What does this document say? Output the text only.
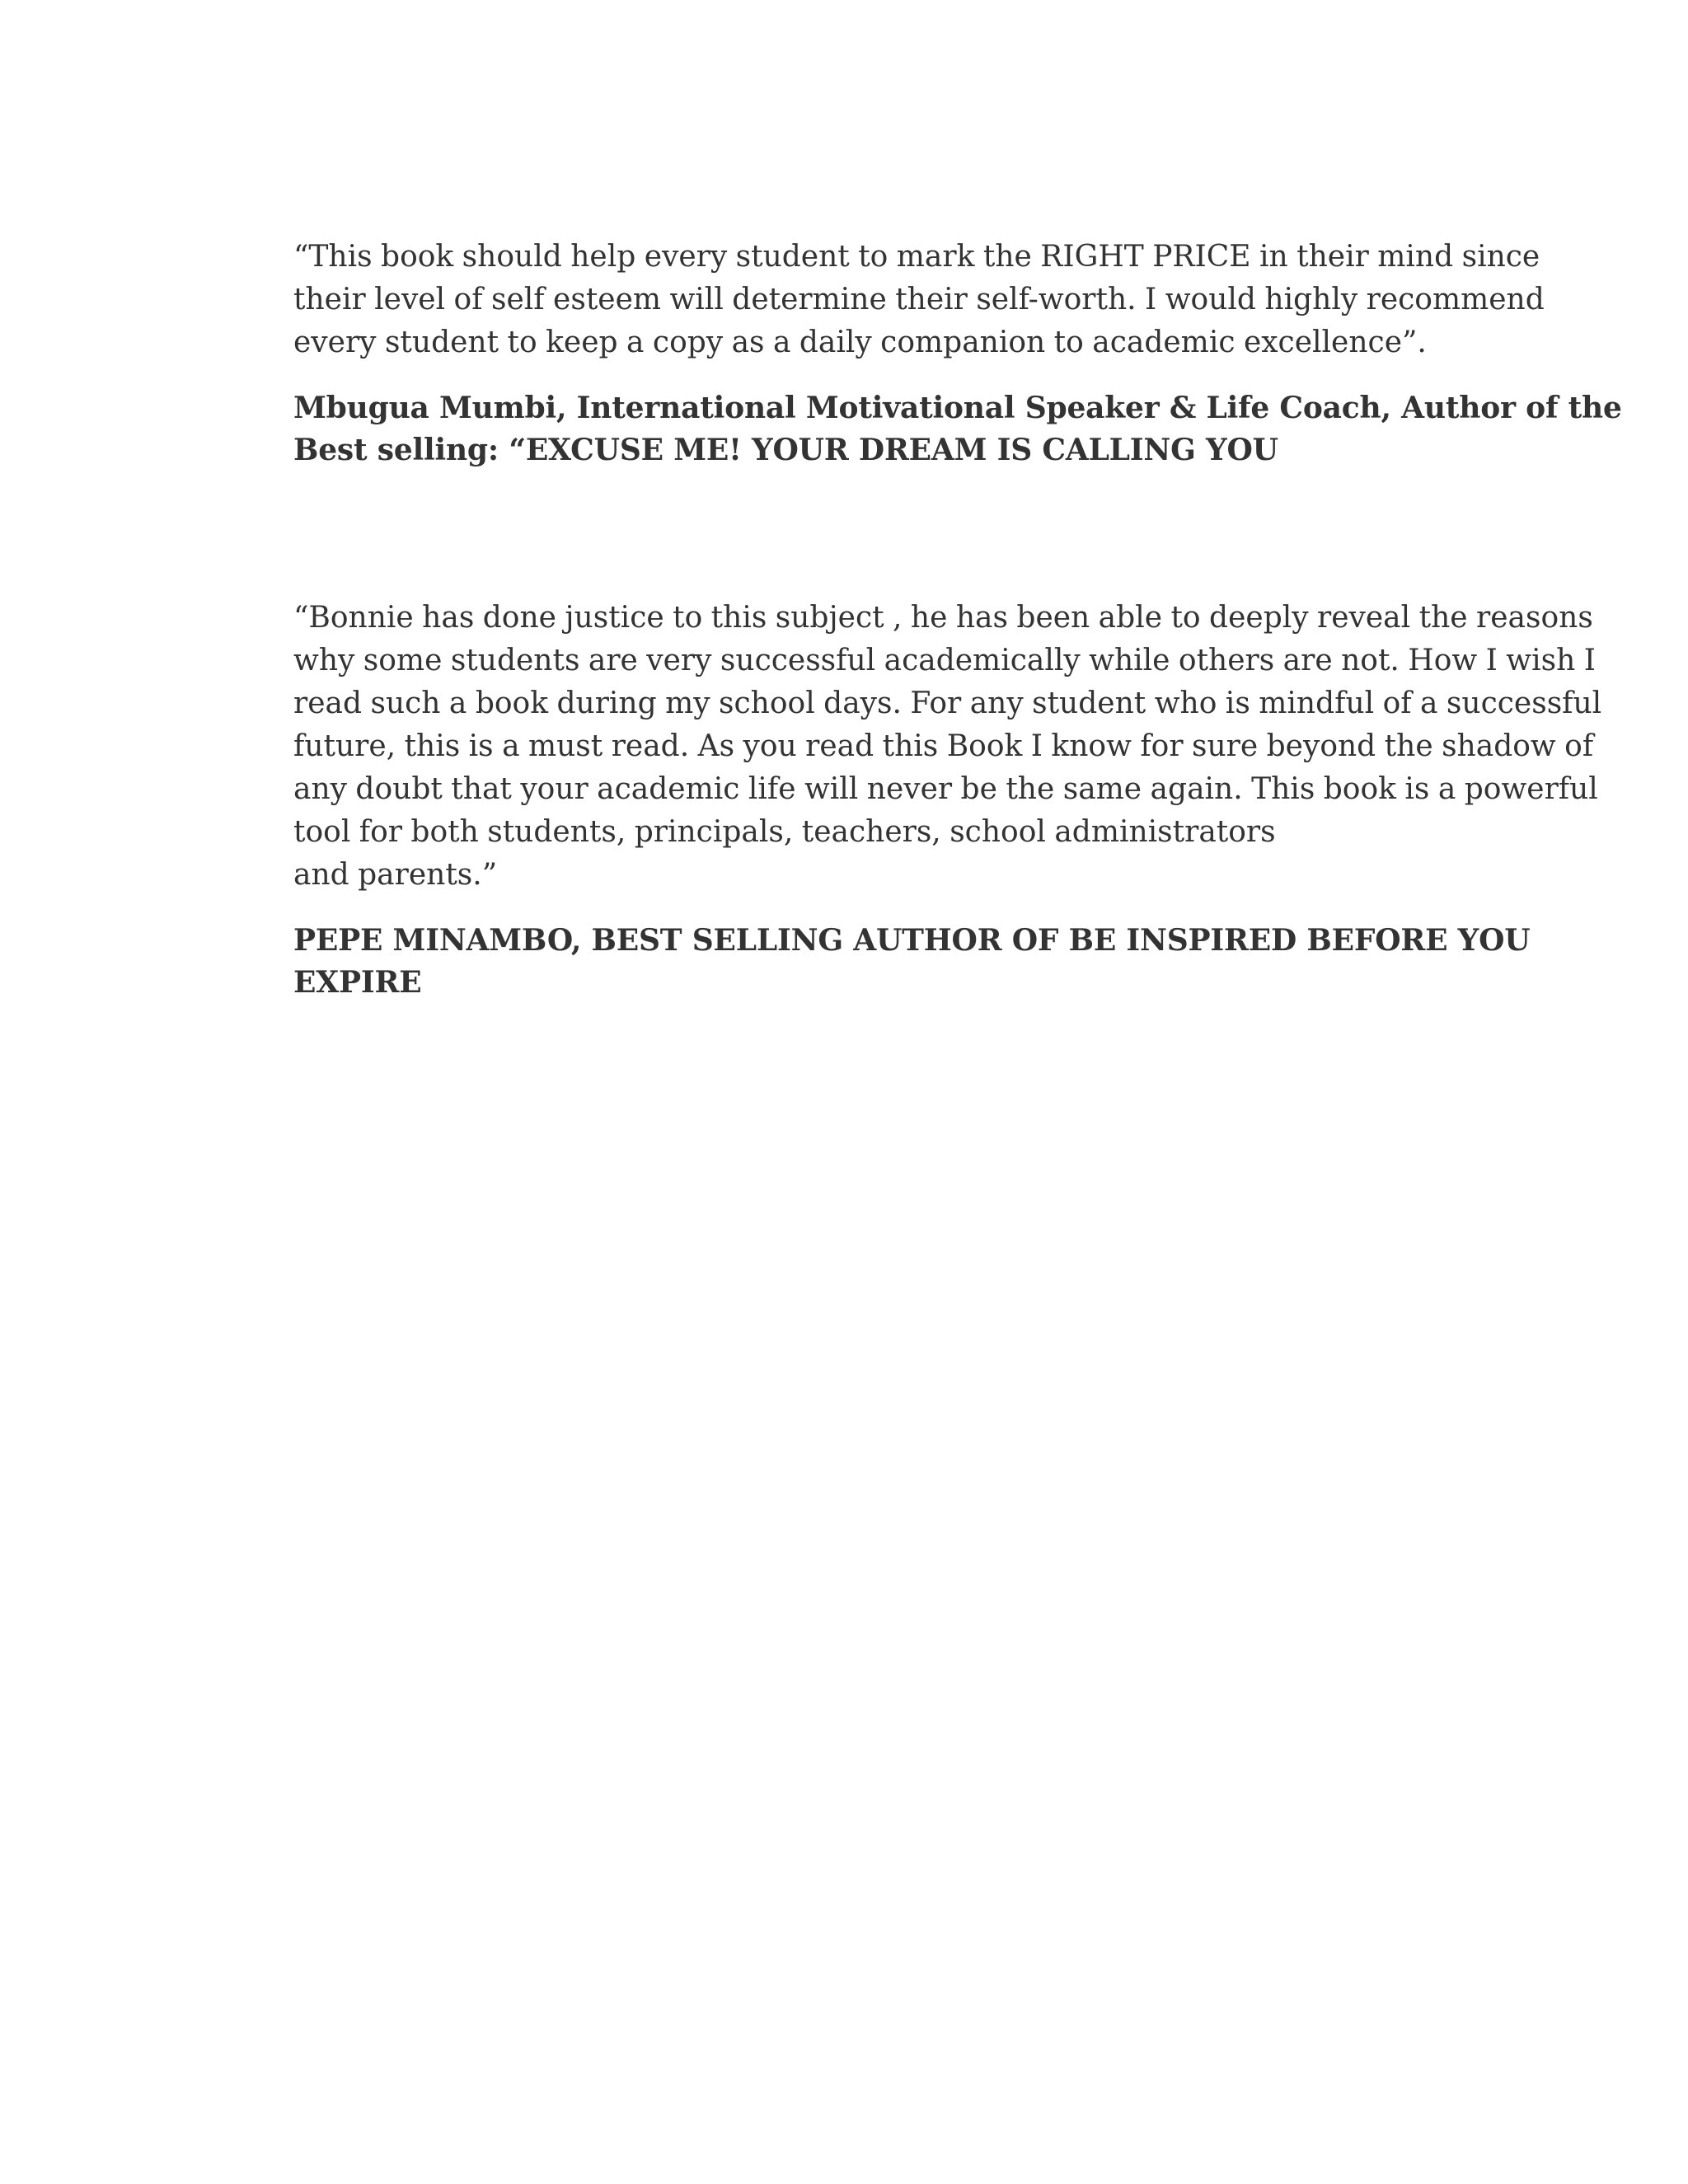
“This book should help every student to mark the RIGHT PRICE in their mind since
their level of self esteem will determine their self-worth. I would highly recommend
every student to keep a copy as a daily companion to academic excellence”.

Mbugua Mumbi, International Motivational Speaker & Life Coach, Author of the
Best selling: “EXCUSE ME! YOUR DREAM IS CALLING YOU

“Bonnie has done justice to this subject , he has been able to deeply reveal the reasons
why some students are very successful academically while others are not. How I wish I
read such a book during my school days. For any student who is mindful of a successful
future, this is a must read. As you read this Book I know for sure beyond the shadow of
any doubt that your academic life will never be the same again. This book is a powerful
tool for both students, principals, teachers, school administrators
and parents.”

PEPE MINAMBO, BEST SELLING AUTHOR OF BE INSPIRED BEFORE YOU
EXPIRE
